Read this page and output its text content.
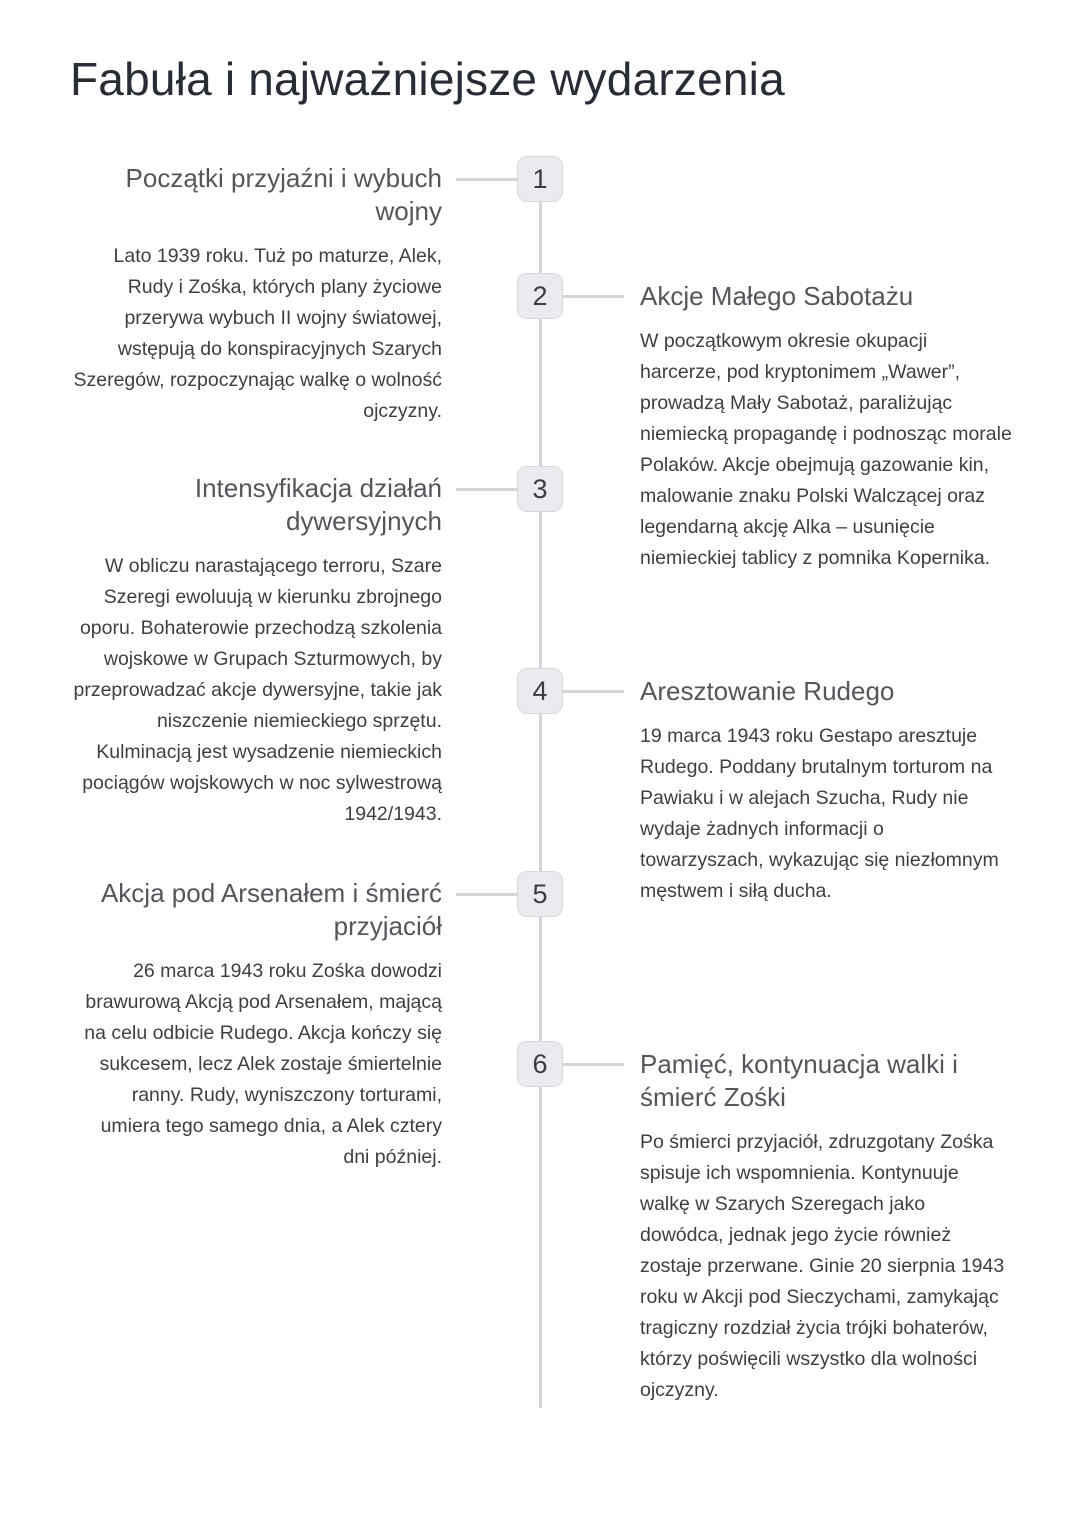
Fabuła i najważniejsze wydarzenia
1
Początki przyjaźni i wybuch wojny

Lato 1939 roku. Tuż po maturze, Alek, Rudy i Zośka, których plany życiowe przerywa wybuch II wojny światowej, wstępują do konspiracyjnych Szarych Szeregów, rozpoczynając walkę o wolność ojczyzny.

2	Akcje Małego Sabotażu

W początkowym okresie okupacji harcerze, pod kryptonimem „Wawer”, prowadzą Mały Sabotaż, paraliżując niemiecką propagandę i podnosząc morale Polaków. Akcje obejmują gazowanie kin, malowanie znaku Polski Walczącej oraz legendarną akcję Alka – usunięcie niemieckiej tablicy z pomnika Kopernika.

3
Intensyfikacja działań dywersyjnych

W obliczu narastającego terroru, Szare Szeregi ewoluują w kierunku zbrojnego oporu. Bohaterowie przechodzą szkolenia wojskowe w Grupach Szturmowych, by przeprowadzać akcje dywersyjne, takie jak niszczenie niemieckiego sprzętu. Kulminacją jest wysadzenie niemieckich pociągów wojskowych w noc sylwestrową 1942/1943.

4	Aresztowanie Rudego

19 marca 1943 roku Gestapo aresztuje Rudego. Poddany brutalnym torturom na Pawiaku i w alejach Szucha, Rudy nie wydaje żadnych informacji o towarzyszach, wykazując się niezłomnym męstwem i siłą ducha.

5
Akcja pod Arsenałem i śmierć przyjaciół

26 marca 1943 roku Zośka dowodzi brawurową Akcją pod Arsenałem, mającą na celu odbicie Rudego. Akcja kończy się sukcesem, lecz Alek zostaje śmiertelnie ranny. Rudy, wyniszczony torturami, umiera tego samego dnia, a Alek cztery dni później.

6	Pamięć, kontynuacja walki i śmierć Zośki

Po śmierci przyjaciół, zdruzgotany Zośka spisuje ich wspomnienia. Kontynuuje walkę w Szarych Szeregach jako dowódca, jednak jego życie również zostaje przerwane. Ginie 20 sierpnia 1943 roku w Akcji pod Sieczychami, zamykając tragiczny rozdział życia trójki bohaterów, którzy poświęcili wszystko dla wolności ojczyzny.
